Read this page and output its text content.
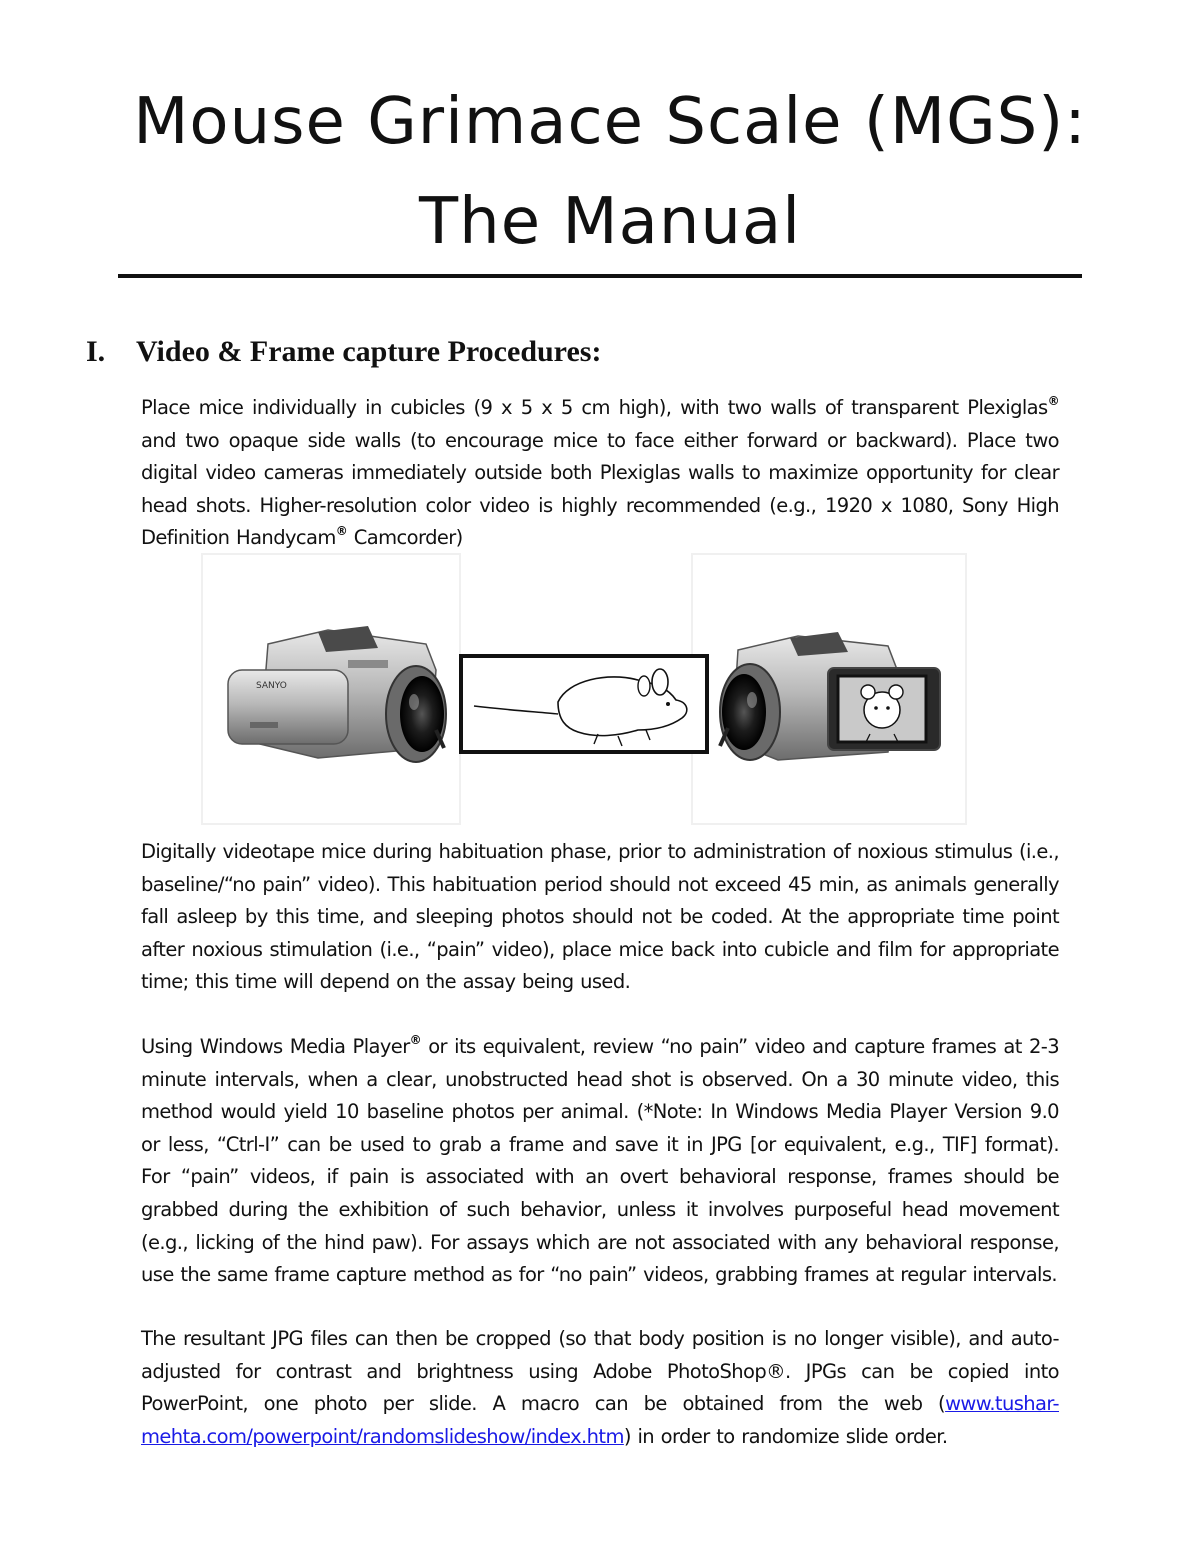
Mouse Grimace Scale (MGS):
The Manual
I. Video & Frame capture Procedures:
Place mice individually in cubicles (9 x 5 x 5 cm high), with two walls of transparent Plexiglas® and two opaque side walls (to encourage mice to face either forward or backward). Place two digital video cameras immediately outside both Plexiglas walls to maximize opportunity for clear head shots. Higher-resolution color video is highly recommended (e.g., 1920 x 1080, Sony High Definition Handycam® Camcorder)
SANYO
Digitally videotape mice during habituation phase, prior to administration of noxious stimulus (i.e., baseline/“no pain” video). This habituation period should not exceed 45 min, as animals generally fall asleep by this time, and sleeping photos should not be coded. At the appropriate time point after noxious stimulation (i.e., “pain” video), place mice back into cubicle and film for appropriate time; this time will depend on the assay being used.
Using Windows Media Player® or its equivalent, review “no pain” video and capture frames at 2-3 minute intervals, when a clear, unobstructed head shot is observed. On a 30 minute video, this method would yield 10 baseline photos per animal. (*Note: In Windows Media Player Version 9.0 or less, “Ctrl-I” can be used to grab a frame and save it in JPG [or equivalent, e.g., TIF] format). For “pain” videos, if pain is associated with an overt behavioral response, frames should be grabbed during the exhibition of such behavior, unless it involves purposeful head movement (e.g., licking of the hind paw). For assays which are not associated with any behavioral response, use the same frame capture method as for “no pain” videos, grabbing frames at regular intervals.
The resultant JPG files can then be cropped (so that body position is no longer visible), and auto-adjusted for contrast and brightness using Adobe PhotoShop®. JPGs can be copied into PowerPoint, one photo per slide. A macro can be obtained from the web (www.tushar-mehta.com/powerpoint/randomslideshow/index.htm) in order to randomize slide order.
